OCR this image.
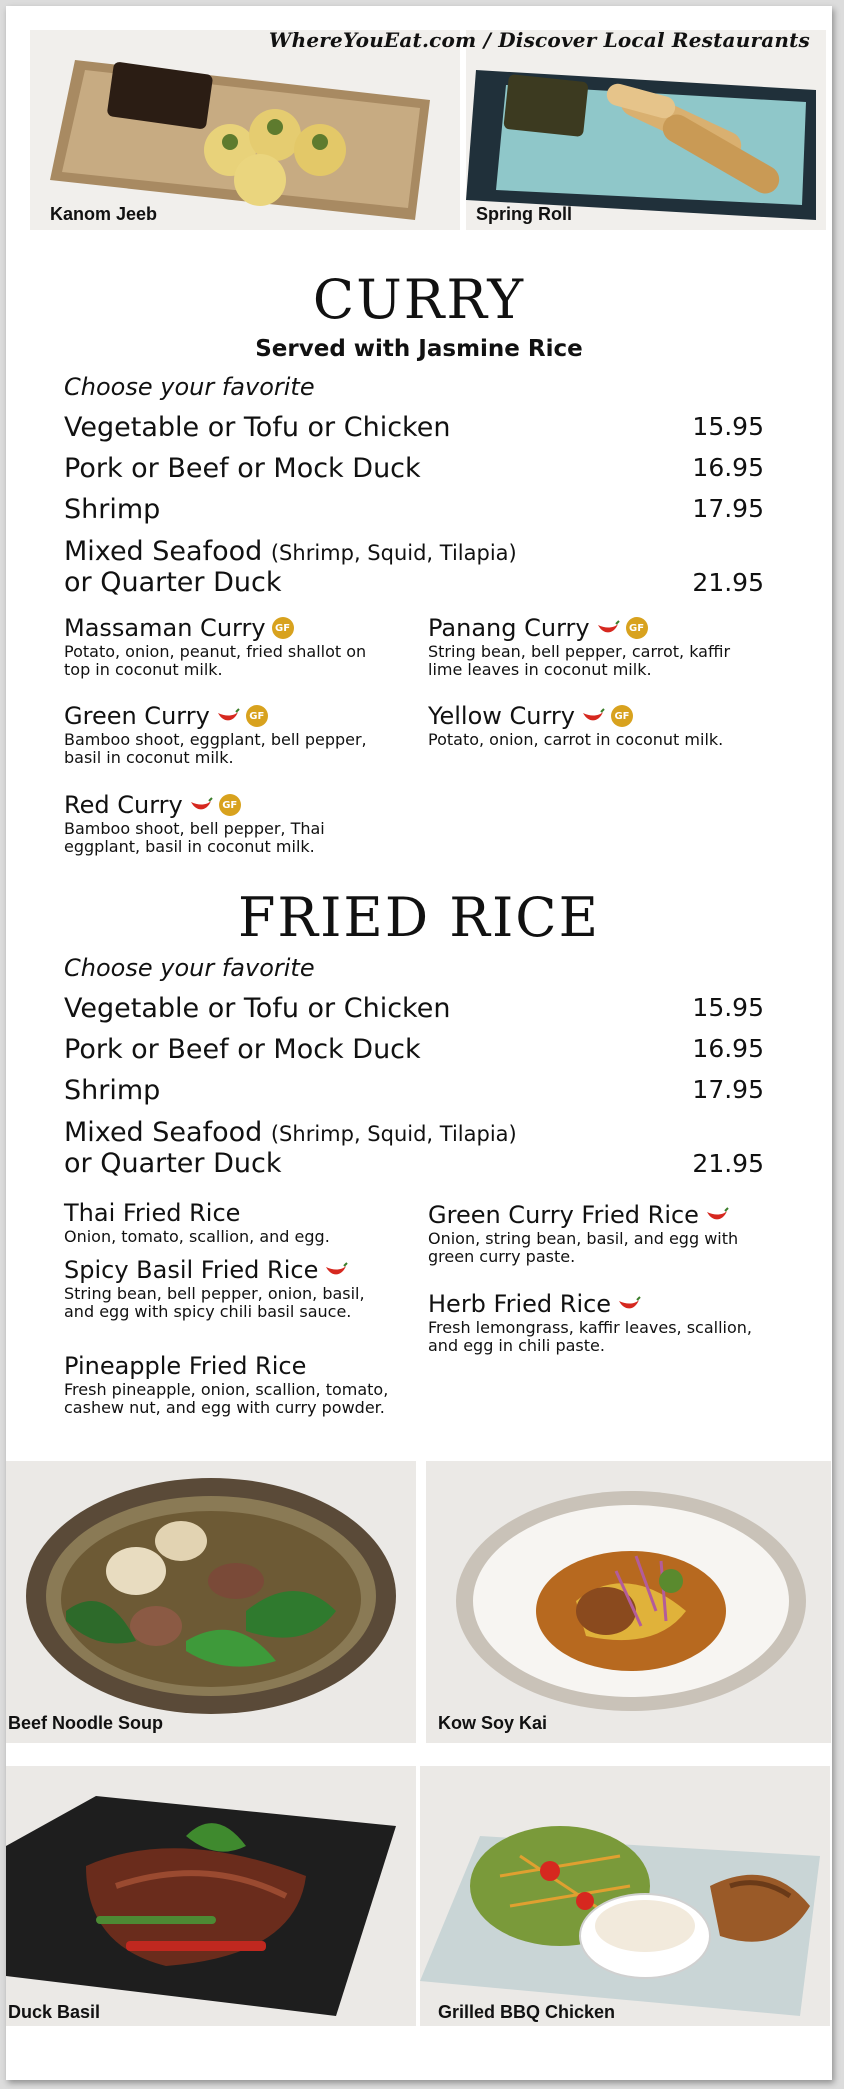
Kanom Jeeb	Spring Roll
WhereYouEat.com / Discover Local Restaurants
CURRY
Served with Jasmine Rice
Choose your favorite
Vegetable or Tofu or Chicken	15.95
Pork or Beef or Mock Duck	16.95
Shrimp	17.95
Mixed Seafood (Shrimp, Squid, Tilapia)
or Quarter Duck	21.95
Massaman Curry GF
Potato, onion, peanut, fried shallot on top in coconut milk.
Panang Curry	GF
String bean, bell pepper, carrot, kaffir lime leaves in coconut milk.
Green Curry	GF
Bamboo shoot, eggplant, bell pepper, basil in coconut milk.
Yellow Curry	GF
Potato, onion, carrot in coconut milk.
Red Curry	GF
Bamboo shoot, bell pepper, Thai eggplant, basil in coconut milk.
FRIED RICE
Choose your favorite
Vegetable or Tofu or Chicken	15.95
Pork or Beef or Mock Duck	16.95
Shrimp	17.95
Mixed Seafood (Shrimp, Squid, Tilapia)
or Quarter Duck	21.95
Thai Fried Rice
Onion, tomato, scallion, and egg.
Spicy Basil Fried Rice
String bean, bell pepper, onion, basil, and egg with spicy chili basil sauce.
Pineapple Fried Rice
Fresh pineapple, onion, scallion, tomato, cashew nut, and egg with curry powder.
Green Curry Fried Rice
Onion, string bean, basil, and egg with green curry paste.
Herb Fried Rice
Fresh lemongrass, kaffir leaves, scallion, and egg in chili paste.
Beef Noodle Soup	Kow Soy Kai
Duck Basil	Grilled BBQ Chicken
